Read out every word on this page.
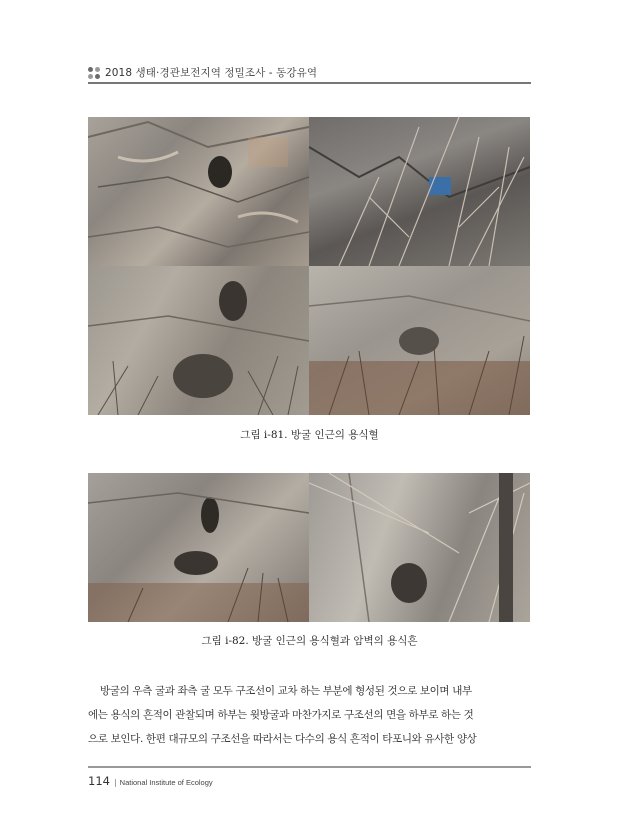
2018 생태·경관보전지역 정밀조사 - 동강유역
그림 i-81. 방굴 인근의 용식혈
그림 i-82. 방굴 인근의 용식혈과 암벽의 용식흔
방굴의 우측 굴과 좌측 굴 모두 구조선이 교차 하는 부분에 형성된 것으로 보이며 내부
에는 용식의 흔적이 관찰되며 하부는 윗방굴과 마찬가지로 구조선의 면을 하부로 하는 것
으로 보인다. 한편 대규모의 구조선을 따라서는 다수의 용식 흔적이 타포니와 유사한 양상
114 | National Institute of Ecology
